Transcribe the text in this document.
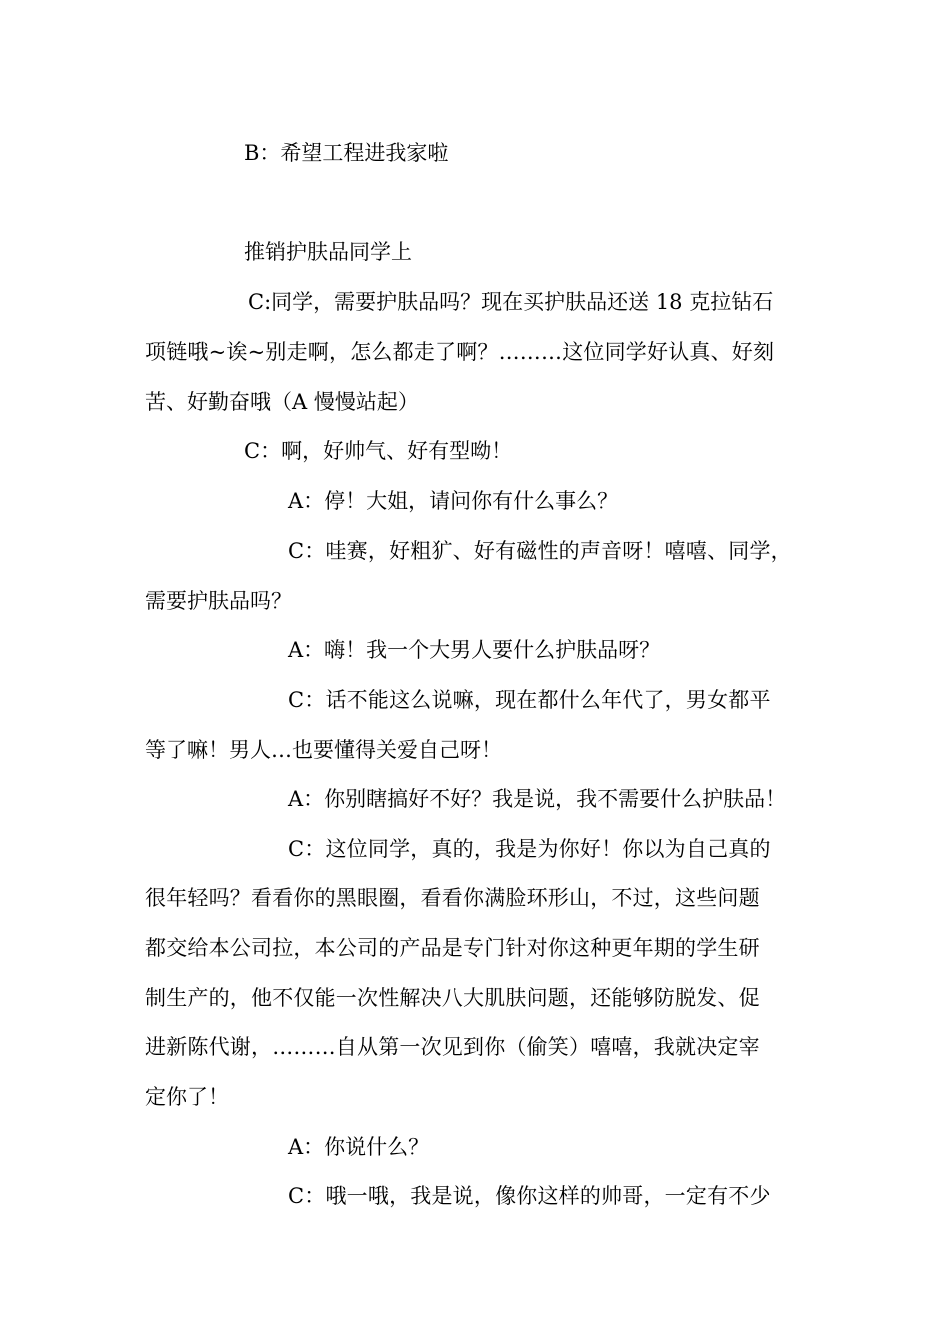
B：希望工程进我家啦

推销护肤品同学上

C:同学，需要护肤品吗？现在买护肤品还送 18 克拉钻石

项链哦~诶~别走啊，怎么都走了啊？………这位同学好认真、好刻

苦、好勤奋哦（A 慢慢站起）

C：啊，好帅气、好有型呦！

A：停！大姐，请问你有什么事么？

C：哇赛，好粗犷、好有磁性的声音呀！嘻嘻、同学，

需要护肤品吗？

A：嗨！我一个大男人要什么护肤品呀？

C：话不能这么说嘛，现在都什么年代了，男女都平

等了嘛！男人…也要懂得关爱自己呀！

A：你别瞎搞好不好？我是说，我不需要什么护肤品！

C：这位同学，真的，我是为你好！你以为自己真的

很年轻吗？看看你的黑眼圈，看看你满脸环形山，不过，这些问题

都交给本公司拉，本公司的产品是专门针对你这种更年期的学生研

制生产的，他不仅能一次性解决八大肌肤问题，还能够防脱发、促

进新陈代谢，………自从第一次见到你（偷笑）嘻嘻，我就决定宰

定你了！

A：你说什么？

C：哦一哦，我是说，像你这样的帅哥，一定有不少
